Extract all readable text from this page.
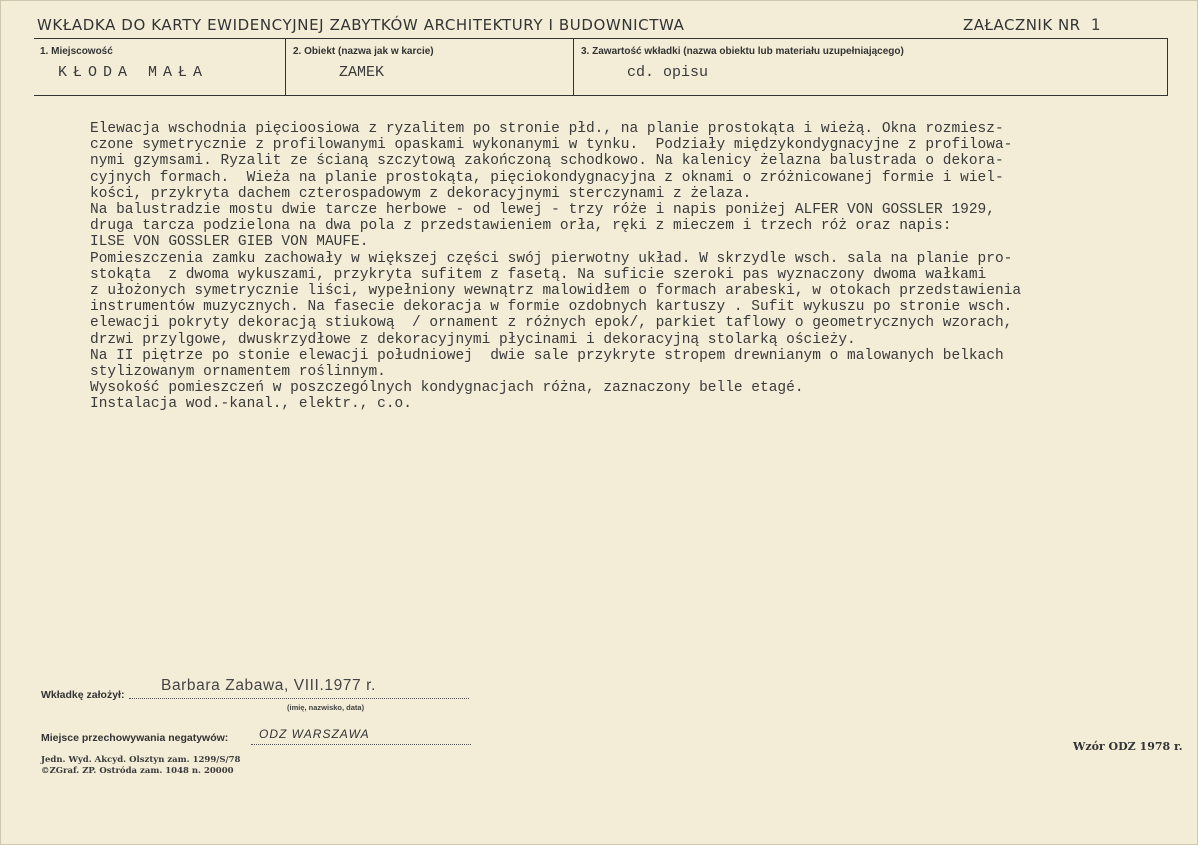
WKŁADKA DO KARTY EWIDENCYJNEJ ZABYTKÓW ARCHITEKTURY I BUDOWNICTWA	ZAŁACZNIK NR 1
1. Miejscowość
KŁODA MAŁA
2. Obiekt (nazwa jak w karcie)
ZAMEK
3. Zawartość wkładki (nazwa obiektu lub materiału uzupełniającego)
cd. opisu
Elewacja wschodnia pięcioosiowa z ryzalitem po stronie płd., na planie prostokąta i wieżą. Okna rozmiesz-
czone symetrycznie z profilowanymi opaskami wykonanymi w tynku.  Podziały międzykondygnacyjne z profilowa-
nymi gzymsami. Ryzalit ze ścianą szczytową zakończoną schodkowo. Na kalenicy żelazna balustrada o dekora-
cyjnych formach.  Wieża na planie prostokąta, pięciokondygnacyjna z oknami o zróżnicowanej formie i wiel-
kości, przykryta dachem czterospadowym z dekoracyjnymi sterczynami z żelaza.
Na balustradzie mostu dwie tarcze herbowe - od lewej - trzy róże i napis poniżej ALFER VON GOSSLER 1929,
druga tarcza podzielona na dwa pola z przedstawieniem orła, ręki z mieczem i trzech róż oraz napis:
ILSE VON GOSSLER GIEB VON MAUFE.
Pomieszczenia zamku zachowały w większej części swój pierwotny układ. W skrzydle wsch. sala na planie pro-
stokąta  z dwoma wykuszami, przykryta sufitem z fasetą. Na suficie szeroki pas wyznaczony dwoma wałkami
z ułożonych symetrycznie liści, wypełniony wewnątrz malowidłem o formach arabeski, w otokach przedstawienia
instrumentów muzycznych. Na fasecie dekoracja w formie ozdobnych kartuszy . Sufit wykuszu po stronie wsch.
elewacji pokryty dekoracją stiukową  / ornament z różnych epok/, parkiet taflowy o geometrycznych wzorach,
drzwi przylgowe, dwuskrzydłowe z dekoracyjnymi płycinami i dekoracyjną stolarką ościeży.
Na II piętrze po stonie elewacji południowej  dwie sale przykryte stropem drewnianym o malowanych belkach
stylizowanym ornamentem roślinnym.
Wysokość pomieszczeń w poszczególnych kondygnacjach różna, zaznaczony belle etagé.
Instalacja wod.-kanal., elektr., c.o.
Wkładkę założył:
Barbara Zabawa, VIII.1977 r.
(imię, nazwisko, data)
Miejsce przechowywania negatywów:	ODZ WARSZAWA
Jedn. Wyd. Akcyd. Olsztyn zam. 1299/S/78
©ZGraf. ZP. Ostróda zam. 1048 n. 20000
Wzór ODZ 1978 r.
